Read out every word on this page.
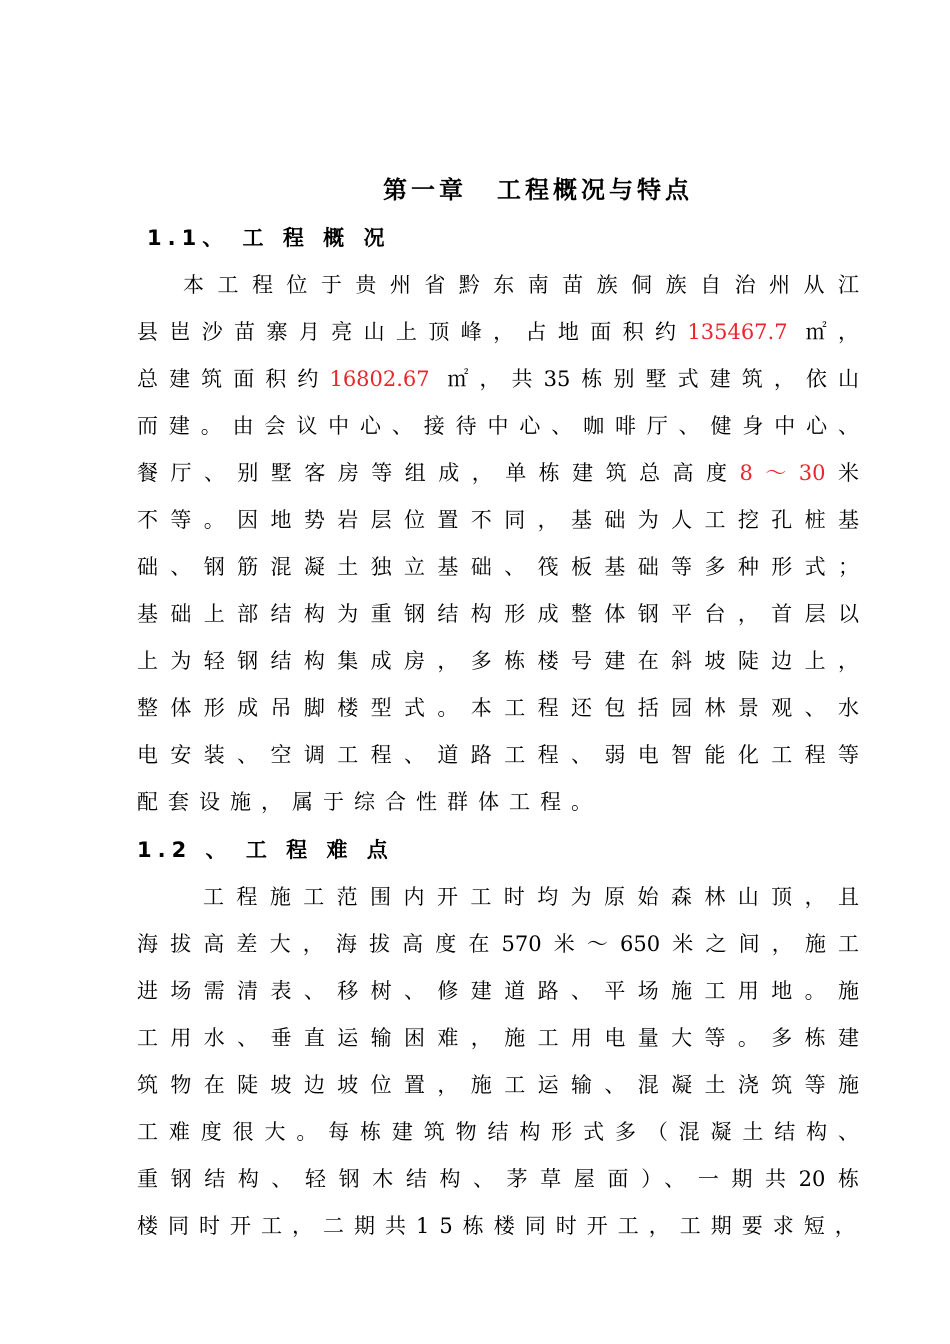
第一章 工程概况与特点
1.1、 工 程 概 况
本工程位于贵州省黔东南苗族侗族自治州从江
县岜沙苗寨月亮山上顶峰，占地面积约135467.7 ㎡，
总建筑面积约16802.67 ㎡，共35栋别墅式建筑，依山
而建。由会议中心、接待中心、咖啡厅、健身中心、
餐厅、别墅客房等组成，单栋建筑总高度8～30米
不等。因地势岩层位置不同，基础为人工挖孔桩基
础、钢筋混凝土独立基础、筏板基础等多种形式；
基础上部结构为重钢结构形成整体钢平台，首层以
上为轻钢结构集成房，多栋楼号建在斜坡陡边上，
整体形成吊脚楼型式。本工程还包括园林景观、水
电安装、空调工程、道路工程、弱电智能化工程等
配套设施，属于综合性群体工程。
1.2 、 工 程 难 点
工程施工范围内开工时均为原始森林山顶，且
海拔高差大，海拔高度在570米～650米之间，施工
进场需清表、移树、修建道路、平场施工用地。施
工用水、垂直运输困难，施工用电量大等。多栋建
筑物在陡坡边坡位置，施工运输、混凝土浇筑等施
工难度很大。每栋建筑物结构形式多（混凝土结构、
重钢结构、轻钢木结构、茅草屋面）、一期共20栋
楼同时开工，二期共15栋楼同时开工，工期要求短，
